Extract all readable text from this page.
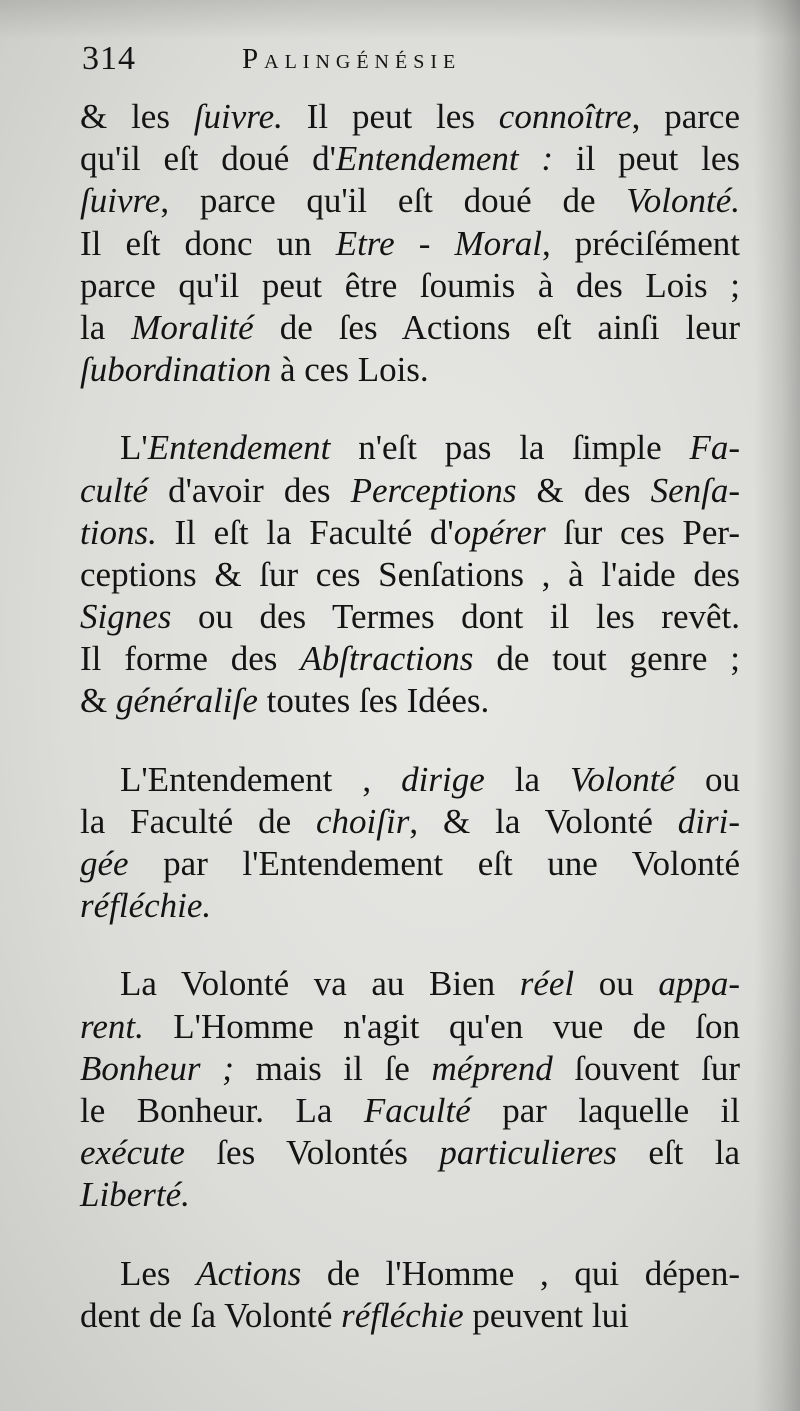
314	Palingénésie
& les ſuivre. Il peut les connoître, parce
qu'il eſt doué d'Entendement : il peut les
ſuivre, parce qu'il eſt doué de Volonté.
Il eſt donc un Etre - Moral, préciſément
parce qu'il peut être ſoumis à des Lois ;
la Moralité de ſes Actions eſt ainſi leur
ſubordination à ces Lois.
L'Entendement n'eſt pas la ſimple Fa-
culté d'avoir des Perceptions & des Senſa-
tions. Il eſt la Faculté d'opérer ſur ces Per-
ceptions & ſur ces Senſations , à l'aide des
Signes ou des Termes dont il les revêt.
Il forme des Abſtractions de tout genre ;
& généraliſe toutes ſes Idées.
L'Entendement , dirige la Volonté ou
la Faculté de choiſir, & la Volonté diri-
gée par l'Entendement eſt une Volonté
réfléchie.
La Volonté va au Bien réel ou appa-
rent. L'Homme n'agit qu'en vue de ſon
Bonheur ; mais il ſe méprend ſouvent ſur
le Bonheur. La Faculté par laquelle il
exécute ſes Volontés particulieres eſt la
Liberté.
Les Actions de l'Homme , qui dépen-
dent de ſa Volonté réfléchie peuvent lui
